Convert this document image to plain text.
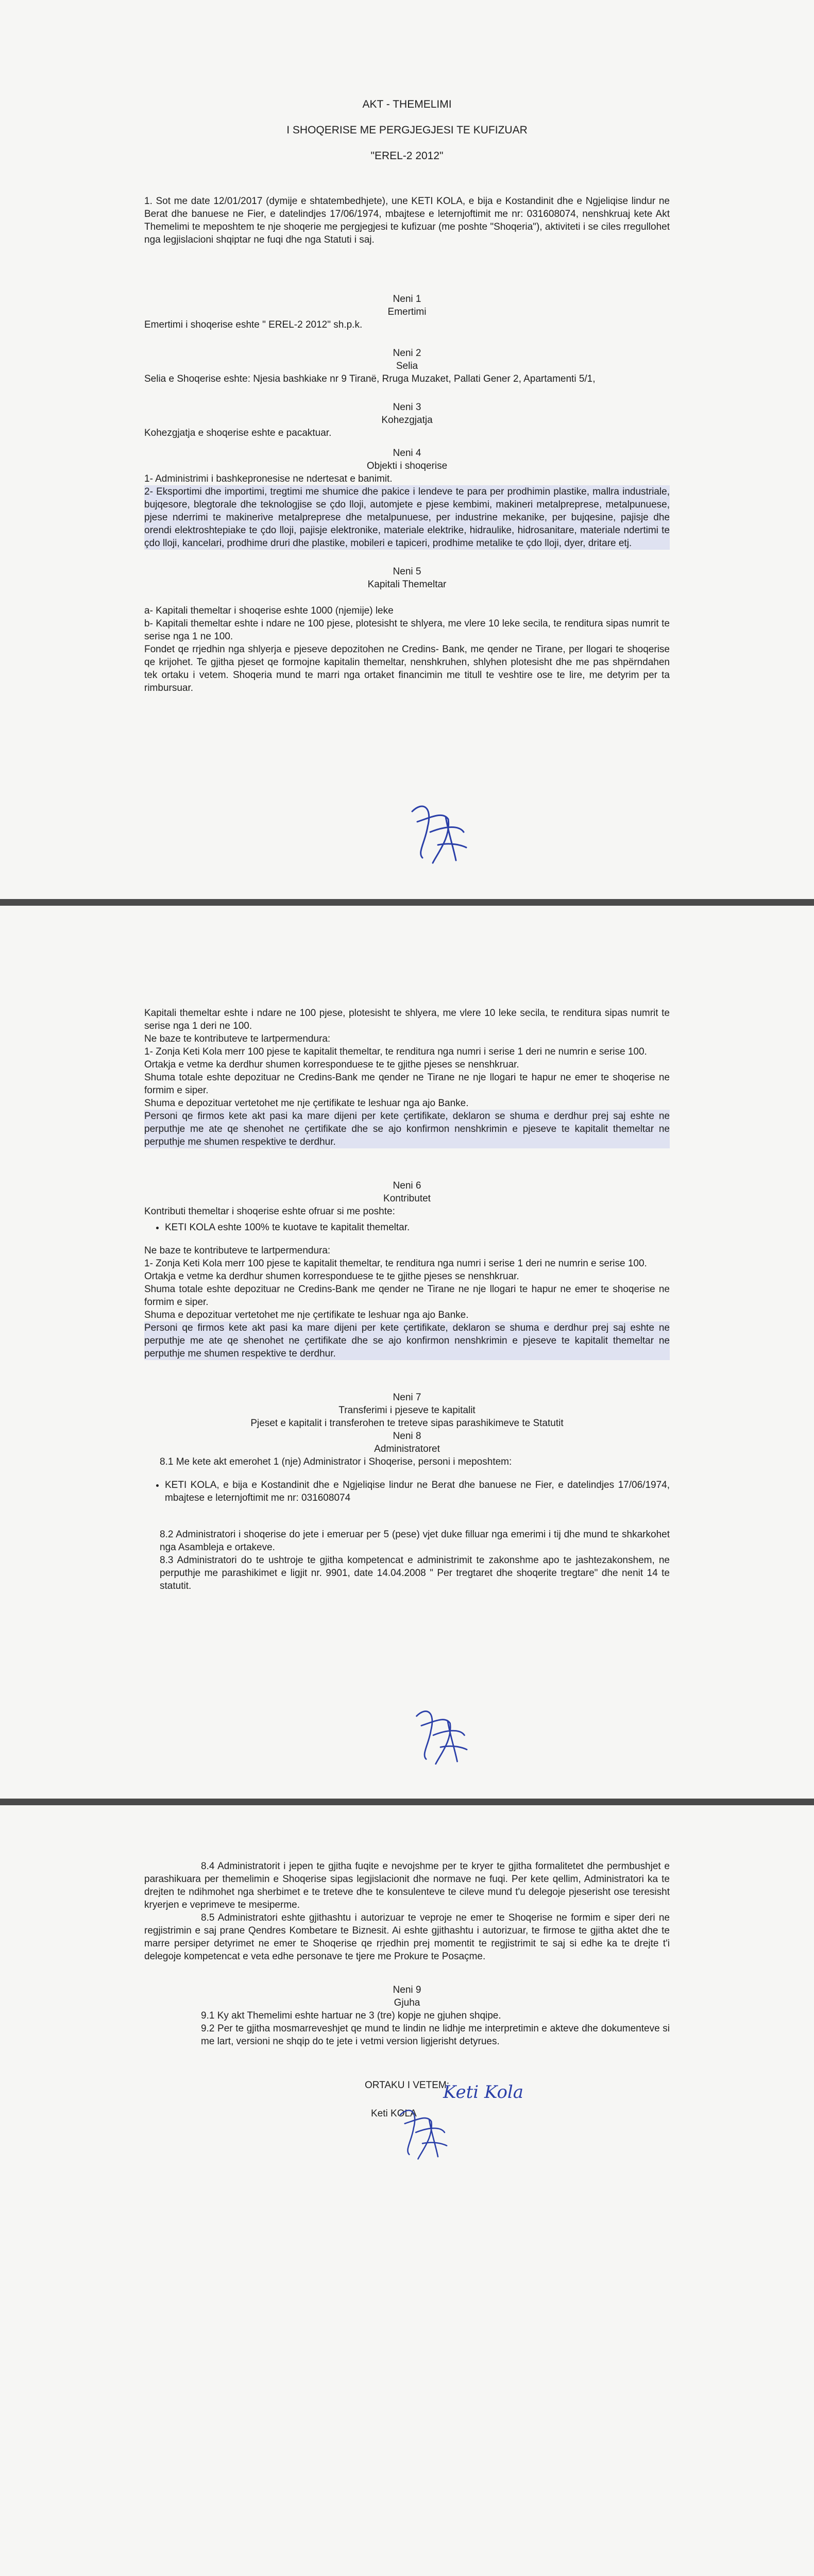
AKT - THEMELIMI

I SHOQERISE ME PERGJEGJESI TE KUFIZUAR

"EREL-2 2012"

1. Sot me date 12/01/2017 (dymije e shtatembedhjete), une KETI KOLA, e bija e Kostandinit dhe e Ngjeliqise lindur ne Berat dhe banuese ne Fier, e datelindjes 17/06/1974, mbajtese e leternjoftimit me nr: 031608074, nenshkruaj kete Akt Themelimi te meposhtem te nje shoqerie me pergjegjesi te kufizuar (me poshte "Shoqeria"), aktiviteti i se ciles rregullohet nga legjislacioni shqiptar ne fuqi dhe nga Statuti i saj.

Neni 1

Emertimi

Emertimi i shoqerise eshte " EREL-2 2012" sh.p.k.

Neni 2

Selia

Selia e Shoqerise eshte: Njesia bashkiake nr 9 Tiranë, Rruga Muzaket, Pallati Gener 2, Apartamenti 5/1,

Neni 3

Kohezgjatja

Kohezgjatja e shoqerise eshte e pacaktuar.

Neni 4

Objekti i shoqerise

1- Administrimi i bashkepronesise ne ndertesat e banimit.

2- Eksportimi dhe importimi, tregtimi me shumice dhe pakice i lendeve te para per prodhimin plastike, mallra industriale, bujqesore, blegtorale dhe teknologjise se çdo lloji, automjete e pjese kembimi, makineri metalpreprese, metalpunuese, pjese nderrimi te makinerive metalpreprese dhe metalpunuese, per industrine mekanike, per bujqesine, pajisje dhe orendi elektroshtepiake te çdo lloji, pajisje elektronike, materiale elektrike, hidraulike, hidrosanitare, materiale ndertimi te çdo lloji, kancelari, prodhime druri dhe plastike, mobileri e tapiceri, prodhime metalike te çdo lloji, dyer, dritare etj.

Neni 5

Kapitali Themeltar

a- Kapitali themeltar i shoqerise eshte 1000 (njemije) leke

b- Kapitali themeltar eshte i ndare ne 100 pjese, plotesisht te shlyera, me vlere 10 leke secila, te renditura sipas numrit te serise nga 1 ne 100.

Fondet qe rrjedhin nga shlyerja e pjeseve depozitohen ne Credins- Bank, me qender ne Tirane, per llogari te shoqerise qe krijohet. Te gjitha pjeset qe formojne kapitalin themeltar, nenshkruhen, shlyhen plotesisht dhe me pas shpërndahen tek ortaku i vetem. Shoqeria mund te marri nga ortaket financimin me titull te veshtire ose te lire, me detyrim per ta rimbursuar.

Kapitali themeltar eshte i ndare ne 100 pjese, plotesisht te shlyera, me vlere 10 leke secila, te renditura sipas numrit te serise nga 1 deri ne 100.

Ne baze te kontributeve te lartpermendura:

1- Zonja Keti Kola merr 100 pjese te kapitalit themeltar, te renditura nga numri i serise 1 deri ne numrin e serise 100.

Ortakja e vetme ka derdhur shumen korresponduese te te gjithe pjeses se nenshkruar.

Shuma totale eshte depozituar ne Credins-Bank me qender ne Tirane ne nje llogari te hapur ne emer te shoqerise ne formim e siper.

Shuma e depozituar vertetohet me nje çertifikate te leshuar nga ajo Banke.

Personi qe firmos kete akt pasi ka mare dijeni per kete çertifikate, deklaron se shuma e derdhur prej saj eshte ne perputhje me ate qe shenohet ne çertifikate dhe se ajo konfirmon nenshkrimin e pjeseve te kapitalit themeltar ne perputhje me shumen respektive te derdhur.

Neni 6

Kontributet

Kontributi themeltar i shoqerise eshte ofruar si me poshte:

• KETI KOLA eshte 100% te kuotave te kapitalit themeltar.

Ne baze te kontributeve te lartpermendura:

1- Zonja Keti Kola merr 100 pjese te kapitalit themeltar, te renditura nga numri i serise 1 deri ne numrin e serise 100.

Ortakja e vetme ka derdhur shumen korresponduese te te gjithe pjeses se nenshkruar.

Shuma totale eshte depozituar ne Credins-Bank me qender ne Tirane ne nje llogari te hapur ne emer te shoqerise ne formim e siper.

Shuma e depozituar vertetohet me nje çertifikate te leshuar nga ajo Banke.

Personi qe firmos kete akt pasi ka mare dijeni per kete çertifikate, deklaron se shuma e derdhur prej saj eshte ne perputhje me ate qe shenohet ne çertifikate dhe se ajo konfirmon nenshkrimin e pjeseve te kapitalit themeltar ne perputhje me shumen respektive te derdhur.

Neni 7

Transferimi i pjeseve te kapitalit

Pjeset e kapitalit i transferohen te treteve sipas parashikimeve te Statutit

Neni 8

Administratoret

8.1 Me kete akt emerohet 1 (nje) Administrator i Shoqerise, personi i meposhtem:

• KETI KOLA, e bija e Kostandinit dhe e Ngjeliqise lindur ne Berat dhe banuese ne Fier, e datelindjes 17/06/1974, mbajtese e leternjoftimit me nr: 031608074

8.2 Administratori i shoqerise do jete i emeruar per 5 (pese) vjet duke filluar nga emerimi i tij dhe mund te shkarkohet nga Asambleja e ortakeve.

8.3 Administratori do te ushtroje te gjitha kompetencat e administrimit te zakonshme apo te jashtezakonshem, ne perputhje me parashikimet e ligjit nr. 9901, date 14.04.2008 " Per tregtaret dhe shoqerite tregtare" dhe nenit 14 te statutit.

8.4 Administratorit i jepen te gjitha fuqite e nevojshme per te kryer te gjitha formalitetet dhe permbushjet e parashikuara per themelimin e Shoqerise sipas legjislacionit dhe normave ne fuqi. Per kete qellim, Administratori ka te drejten te ndihmohet nga sherbimet e te treteve dhe te konsulenteve te cileve mund t'u delegoje pjeserisht ose teresisht kryerjen e veprimeve te mesiperme.

8.5 Administratori eshte gjithashtu i autorizuar te veproje ne emer te Shoqerise ne formim e siper deri ne regjistrimin e saj prane Qendres Kombetare te Biznesit. Ai eshte gjithashtu i autorizuar, te firmose te gjitha aktet dhe te marre persiper detyrimet ne emer te Shoqerise qe rrjedhin prej momentit te regjistrimit te saj si edhe ka te drejte t'i delegoje kompetencat e veta edhe personave te tjere me Prokure te Posaçme.

Neni 9

Gjuha

9.1 Ky akt Themelimi eshte hartuar ne 3 (tre) kopje ne gjuhen shqipe.

9.2 Per te gjitha mosmarreveshjet qe mund te lindin ne lidhje me interpretimin e akteve dhe dokumenteve si me lart, versioni ne shqip do te jete i vetmi version ligjerisht detyrues.

ORTAKU I VETEM:

Keti KOLA

Keti Kola
